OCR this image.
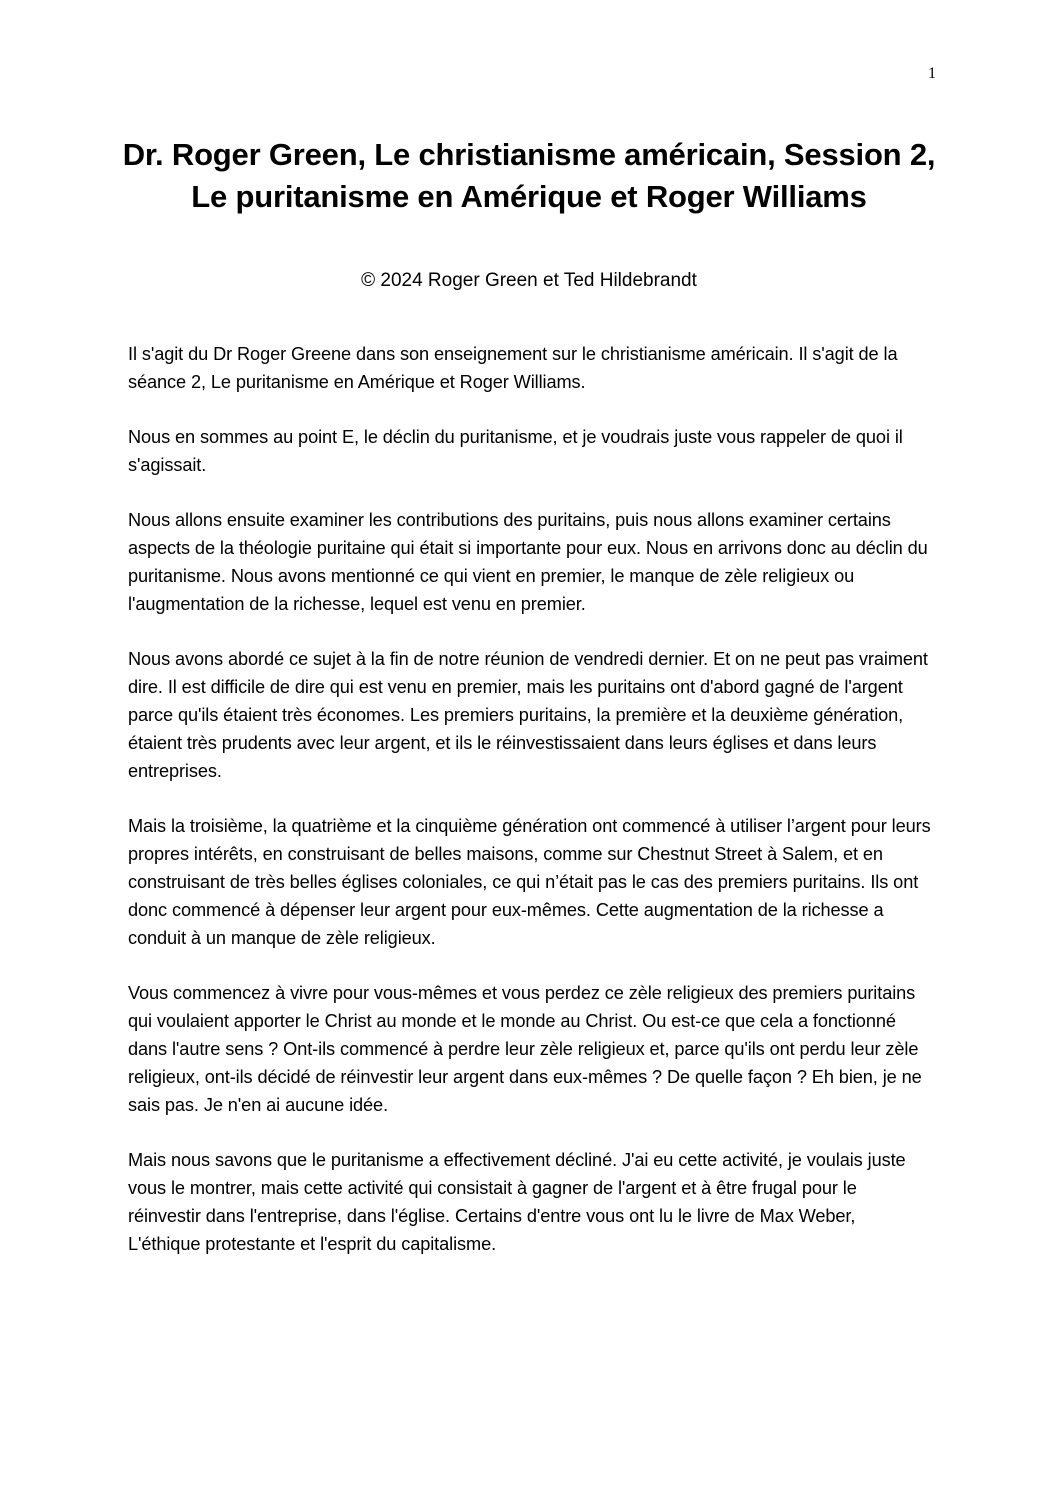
1
Dr. Roger Green, Le christianisme américain, Session 2, Le puritanisme en Amérique et Roger Williams
© 2024 Roger Green et Ted Hildebrandt

Il s'agit du Dr Roger Greene dans son enseignement sur le christianisme américain. Il s'agit de la séance 2, Le puritanisme en Amérique et Roger Williams.

Nous en sommes au point E, le déclin du puritanisme, et je voudrais juste vous rappeler de quoi il s'agissait.

Nous allons ensuite examiner les contributions des puritains, puis nous allons examiner certains aspects de la théologie puritaine qui était si importante pour eux. Nous en arrivons donc au déclin du puritanisme. Nous avons mentionné ce qui vient en premier, le manque de zèle religieux ou l'augmentation de la richesse, lequel est venu en premier.

Nous avons abordé ce sujet à la fin de notre réunion de vendredi dernier. Et on ne peut pas vraiment dire. Il est difficile de dire qui est venu en premier, mais les puritains ont d'abord gagné de l'argent parce qu'ils étaient très économes. Les premiers puritains, la première et la deuxième génération, étaient très prudents avec leur argent, et ils le réinvestissaient dans leurs églises et dans leurs entreprises.

Mais la troisième, la quatrième et la cinquième génération ont commencé à utiliser l’argent pour leurs propres intérêts, en construisant de belles maisons, comme sur Chestnut Street à Salem, et en construisant de très belles églises coloniales, ce qui n’était pas le cas des premiers puritains. Ils ont donc commencé à dépenser leur argent pour eux-mêmes. Cette augmentation de la richesse a conduit à un manque de zèle religieux.

Vous commencez à vivre pour vous-mêmes et vous perdez ce zèle religieux des premiers puritains qui voulaient apporter le Christ au monde et le monde au Christ. Ou est-ce que cela a fonctionné dans l'autre sens ? Ont-ils commencé à perdre leur zèle religieux et, parce qu'ils ont perdu leur zèle religieux, ont-ils décidé de réinvestir leur argent dans eux-mêmes ? De quelle façon ? Eh bien, je ne sais pas. Je n'en ai aucune idée.

Mais nous savons que le puritanisme a effectivement décliné. J'ai eu cette activité, je voulais juste vous le montrer, mais cette activité qui consistait à gagner de l'argent et à être frugal pour le réinvestir dans l'entreprise, dans l'église. Certains d'entre vous ont lu le livre de Max Weber, L'éthique protestante et l'esprit du capitalisme.
